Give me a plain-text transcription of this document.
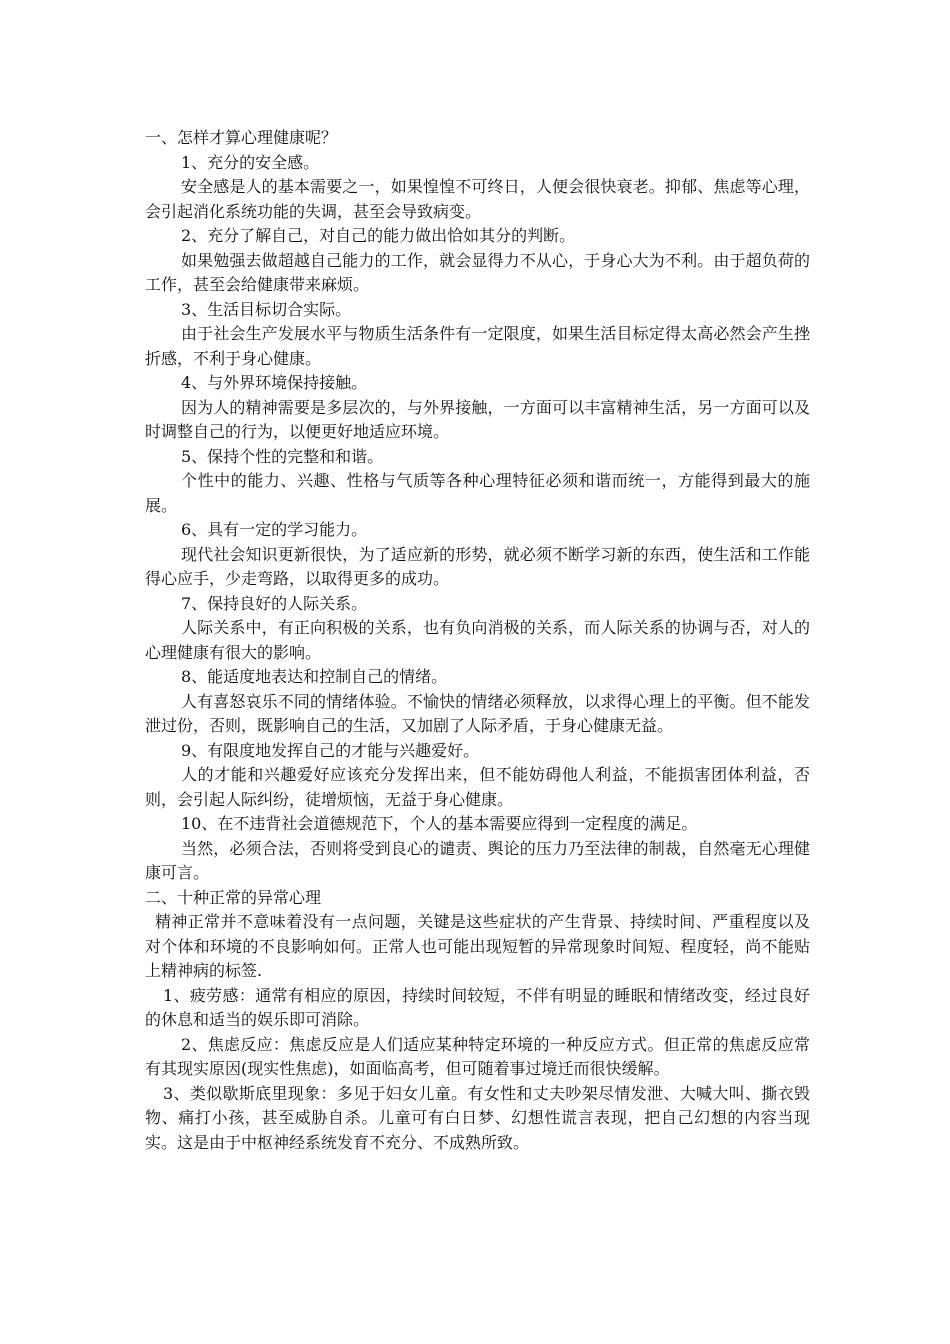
一、怎样才算心理健康呢？

1、充分的安全感。

安全感是人的基本需要之一，如果惶惶不可终日，人便会很快衰老。抑郁、焦虑等心理，会引起消化系统功能的失调，甚至会导致病变。

2、充分了解自己，对自己的能力做出恰如其分的判断。

如果勉强去做超越自己能力的工作，就会显得力不从心，于身心大为不利。由于超负荷的工作，甚至会给健康带来麻烦。

3、生活目标切合实际。

由于社会生产发展水平与物质生活条件有一定限度，如果生活目标定得太高必然会产生挫折感，不利于身心健康。

4、与外界环境保持接触。

因为人的精神需要是多层次的，与外界接触，一方面可以丰富精神生活，另一方面可以及时调整自己的行为，以便更好地适应环境。

5、保持个性的完整和和谐。

个性中的能力、兴趣、性格与气质等各种心理特征必须和谐而统一，方能得到最大的施展。

6、具有一定的学习能力。

现代社会知识更新很快，为了适应新的形势，就必须不断学习新的东西，使生活和工作能得心应手，少走弯路，以取得更多的成功。

7、保持良好的人际关系。

人际关系中，有正向积极的关系，也有负向消极的关系，而人际关系的协调与否，对人的心理健康有很大的影响。

8、能适度地表达和控制自己的情绪。

人有喜怒哀乐不同的情绪体验。不愉快的情绪必须释放，以求得心理上的平衡。但不能发泄过份，否则，既影响自己的生活，又加剧了人际矛盾，于身心健康无益。

9、有限度地发挥自己的才能与兴趣爱好。

人的才能和兴趣爱好应该充分发挥出来，但不能妨碍他人利益，不能损害团体利益，否则，会引起人际纠纷，徒增烦恼，无益于身心健康。

10、在不违背社会道德规范下，个人的基本需要应得到一定程度的满足。

当然，必须合法，否则将受到良心的谴责、舆论的压力乃至法律的制裁，自然毫无心理健康可言。

二、十种正常的异常心理

精神正常并不意味着没有一点问题，关键是这些症状的产生背景、持续时间、严重程度以及对个体和环境的不良影响如何。正常人也可能出现短暂的异常现象时间短、程度轻，尚不能贴上精神病的标签.

1、疲劳感：通常有相应的原因，持续时间较短，不伴有明显的睡眠和情绪改变，经过良好的休息和适当的娱乐即可消除。

2、焦虑反应：焦虑反应是人们适应某种特定环境的一种反应方式。但正常的焦虑反应常有其现实原因(现实性焦虑)，如面临高考，但可随着事过境迁而很快缓解。

3、类似歇斯底里现象：多见于妇女儿童。有女性和丈夫吵架尽情发泄、大喊大叫、撕衣毁物、痛打小孩，甚至威胁自杀。儿童可有白日梦、幻想性谎言表现，把自己幻想的内容当现实。这是由于中枢神经系统发育不充分、不成熟所致。
